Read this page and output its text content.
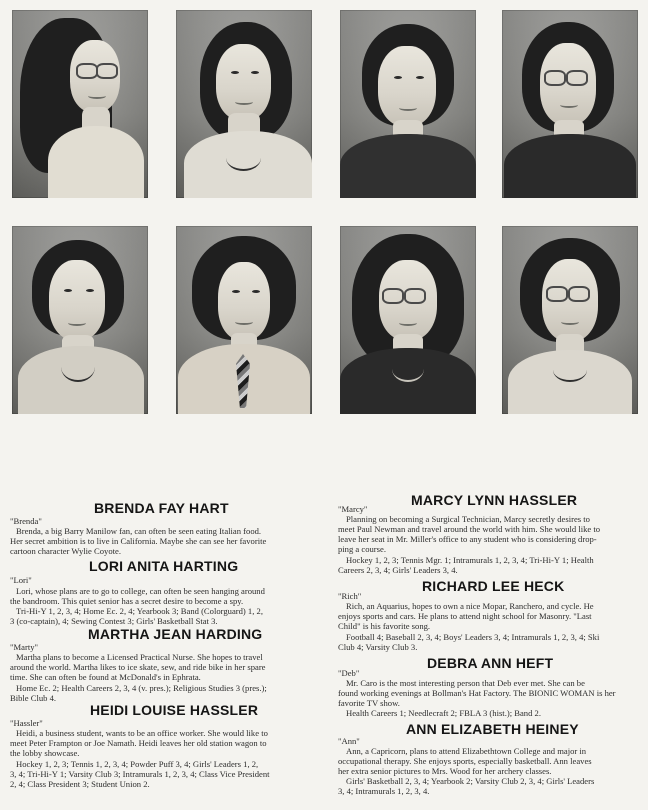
BRENDA FAY HART
"Brenda"
Brenda, a big Barry Manilow fan, can often be seen eating Italian food.
Her secret ambition is to live in California. Maybe she can see her favorite
cartoon character Wylie Coyote.
LORI ANITA HARTING
"Lori"
Lori, whose plans are to go to college, can often be seen hanging around
the bandroom. This quiet senior has a secret desire to become a spy.
Tri-Hi-Y 1, 2, 3, 4; Home Ec. 2, 4; Yearbook 3; Band (Colorguard) 1, 2,
3 (co-captain), 4; Sewing Contest 3; Girls' Basketball Stat 3.
MARTHA JEAN HARDING
"Marty"
Martha plans to become a Licensed Practical Nurse. She hopes to travel
around the world. Martha likes to ice skate, sew, and ride bike in her spare
time. She can often be found at McDonald's in Ephrata.
Home Ec. 2; Health Careers 2, 3, 4 (v. pres.); Religious Studies 3 (pres.);
Bible Club 4.
HEIDI LOUISE HASSLER
"Hassler"
Heidi, a business student, wants to be an office worker. She would like to
meet Peter Frampton or Joe Namath. Heidi leaves her old station wagon to
the lobby showcase.
Hockey 1, 2, 3; Tennis 1, 2, 3, 4; Powder Puff 3, 4; Girls' Leaders 1, 2,
3, 4; Tri-Hi-Y 1; Varsity Club 3; Intramurals 1, 2, 3, 4; Class Vice President
2, 4; Class President 3; Student Union 2.
MARCY LYNN HASSLER
"Marcy"
Planning on becoming a Surgical Technician, Marcy secretly desires to
meet Paul Newman and travel around the world with him. She would like to
leave her seat in Mr. Miller's office to any student who is considering drop-
ping a course.
Hockey 1, 2, 3; Tennis Mgr. 1; Intramurals 1, 2, 3, 4; Tri-Hi-Y 1; Health
Careers 2, 3, 4; Girls' Leaders 3, 4.
RICHARD LEE HECK
"Rich"
Rich, an Aquarius, hopes to own a nice Mopar, Ranchero, and cycle. He
enjoys sports and cars. He plans to attend night school for Masonry. "Last
Child" is his favorite song.
Football 4; Baseball 2, 3, 4; Boys' Leaders 3, 4; Intramurals 1, 2, 3, 4; Ski
Club 4; Varsity Club 3.
DEBRA ANN HEFT
"Deb"
Mr. Caro is the most interesting person that Deb ever met. She can be
found working evenings at Bollman's Hat Factory. The BIONIC WOMAN is her
favorite TV show.
Health Careers 1; Needlecraft 2; FBLA 3 (hist.); Band 2.
ANN ELIZABETH HEINEY
"Ann"
Ann, a Capricorn, plans to attend Elizabethtown College and major in
occupational therapy. She enjoys sports, especially basketball. Ann leaves
her extra senior pictures to Mrs. Wood for her archery classes.
Girls' Basketball 2, 3, 4; Yearbook 2; Varsity Club 2, 3, 4; Girls' Leaders
3, 4; Intramurals 1, 2, 3, 4.
